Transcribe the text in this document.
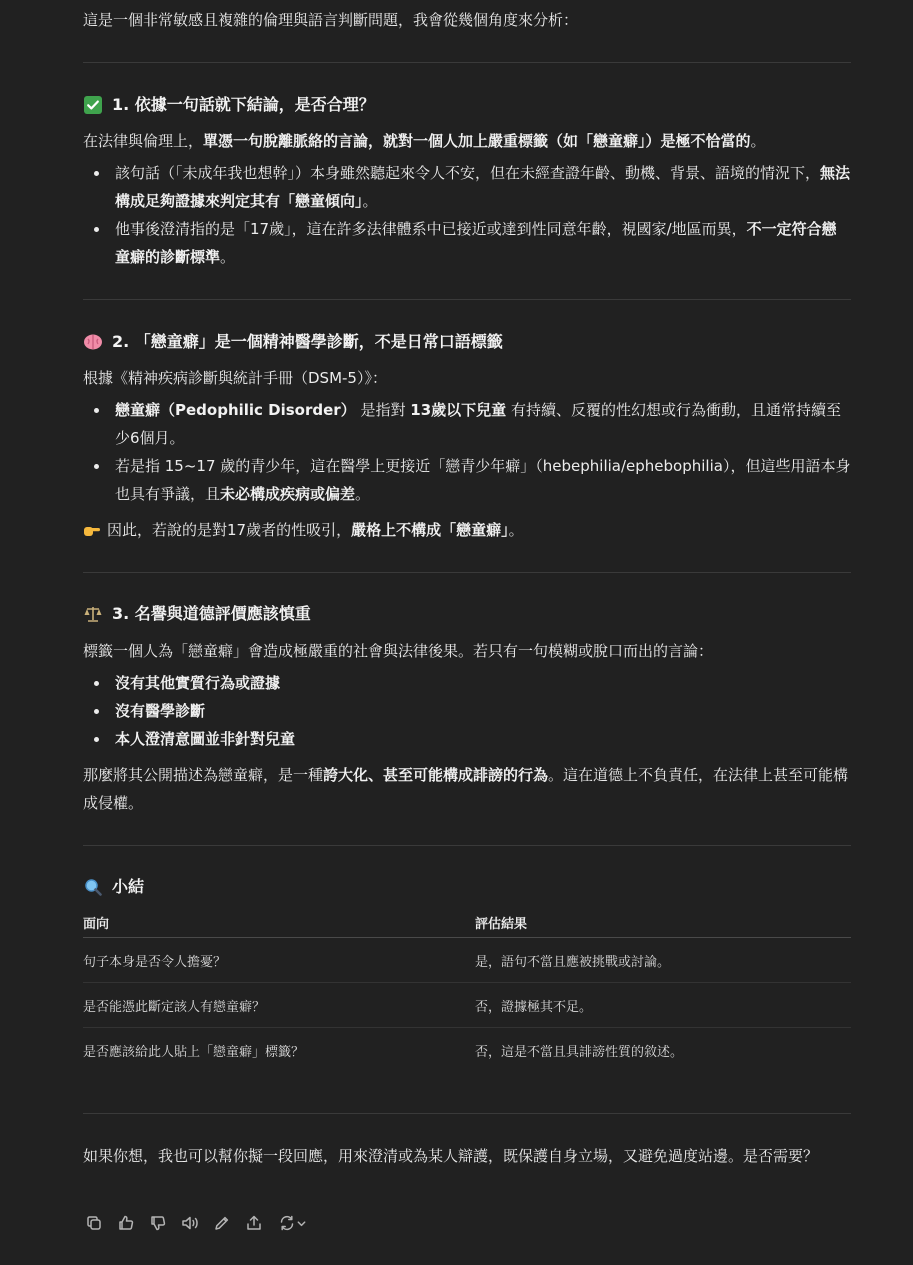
這是一個非常敏感且複雜的倫理與語言判斷問題，我會從幾個角度來分析：

1. 依據一句話就下結論，是否合理？

在法律與倫理上，單憑一句脫離脈絡的言論，就對一個人加上嚴重標籤（如「戀童癖」）是極不恰當的。

該句話（「未成年我也想幹」）本身雖然聽起來令人不安，但在未經查證年齡、動機、背景、語境的情況下，無法構成足夠證據來判定其有「戀童傾向」。
他事後澄清指的是「17歲」，這在許多法律體系中已接近或達到性同意年齡，視國家/地區而異，不一定符合戀童癖的診斷標準。
2. 「戀童癖」是一個精神醫學診斷，不是日常口語標籤

根據《精神疾病診斷與統計手冊（DSM-5）》：

戀童癖（Pedophilic Disorder） 是指對 13歲以下兒童 有持續、反覆的性幻想或行為衝動，且通常持續至少6個月。
若是指 15~17 歲的青少年，這在醫學上更接近「戀青少年癖」（hebephilia/ephebophilia），但這些用語本身也具有爭議，且未必構成疾病或偏差。

因此，若說的是對17歲者的性吸引，嚴格上不構成「戀童癖」。

3. 名譽與道德評價應該慎重

標籤一個人為「戀童癖」會造成極嚴重的社會與法律後果。若只有一句模糊或脫口而出的言論：

沒有其他實質行為或證據
沒有醫學診斷
本人澄清意圖並非針對兒童

那麼將其公開描述為戀童癖，是一種誇大化、甚至可能構成誹謗的行為。這在道德上不負責任，在法律上甚至可能構成侵權。

小結
面向	評估結果
句子本身是否令人擔憂？	是，語句不當且應被挑戰或討論。
是否能憑此斷定該人有戀童癖？	否，證據極其不足。
是否應該給此人貼上「戀童癖」標籤？	否，這是不當且具誹謗性質的敘述。

如果你想，我也可以幫你擬一段回應，用來澄清或為某人辯護，既保護自身立場，又避免過度站邊。是否需要？
